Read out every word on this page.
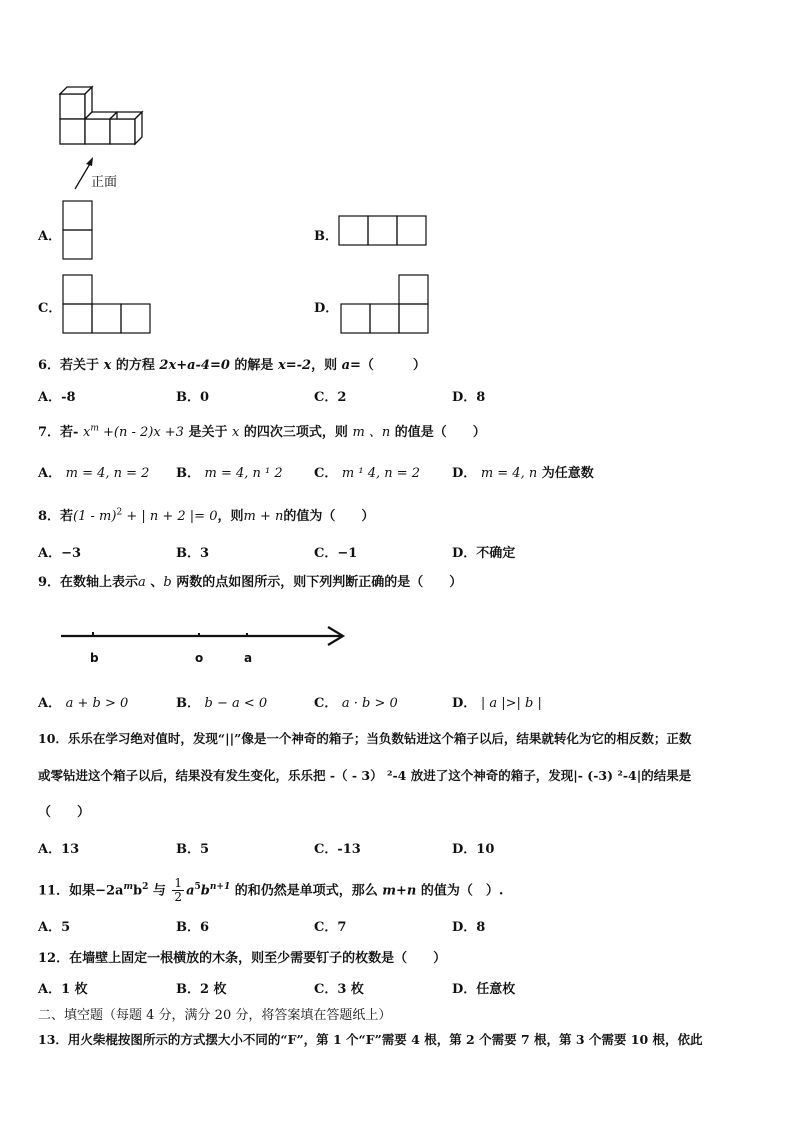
正面
A．	B．
C．	D．
6．若关于 x 的方程 2x+a-4=0 的解是 x=-2，则 a=（　　　）
A．-8	B．0	C．2	D．8
7．若- $x^m +(n - 2)x +3$ 是关于 x 的四次三项式，则 m 、n 的值是（　　）
A． m = 4, n = 2 B． m = 4, n ¹ 2 C． m ¹ 4, n = 2 D． m = 4, n 为任意数
8．若(1 - m)$^2$ + | n + 2 |= 0，则m + n的值为（　　）
A．−3	B．3	C．−1	D．不确定
9．在数轴上表示a 、b 两数的点如图所示，则下列判断正确的是（　　）
b	o	a
A． a + b > 0	B． b − a < 0	C． a · b > 0	D． | a |>| b |
10．乐乐在学习绝对值时，发现“||”像是一个神奇的箱子；当负数钻进这个箱子以后，结果就转化为它的相反数；正数
或零钻进这个箱子以后，结果没有发生变化，乐乐把 -（ - 3） ²-4 放进了这个神奇的箱子，发现|- (-3) ²-4|的结果是
（　　）
A．13	B．5	C．-13	D．10
11．如果$-2a^mb^2$ 与 $\frac{1}{2} a^5b^{n+1}$ 的和仍然是单项式，那么 m+n 的值为（　）.
A．5	B．6	C．7	D．8
12．在墙壁上固定一根横放的木条，则至少需要钉子的枚数是（　　）
A．1 枚	B．2 枚	C．3 枚	D．任意枚
二、填空题（每题 4 分，满分 20 分，将答案填在答题纸上）
13．用火柴棍按图所示的方式摆大小不同的“F”，第 1 个“F”需要 4 根，第 2 个需要 7 根，第 3 个需要 10 根，依此
